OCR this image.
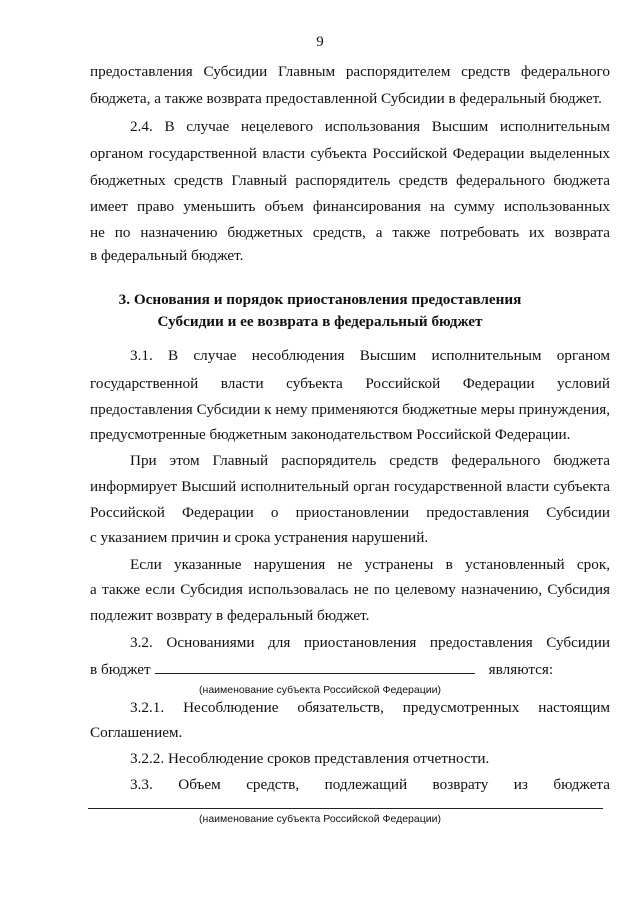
9
предоставления Субсидии Главным распорядителем средств федерального
бюджета, а также возврата предоставленной Субсидии в федеральный бюджет.
2.4. В случае нецелевого использования Высшим исполнительным
органом государственной власти субъекта Российской Федерации выделенных
бюджетных средств Главный распорядитель средств федерального бюджета
имеет право уменьшить объем финансирования на сумму использованных
не по назначению бюджетных средств, а также потребовать их возврата
в федеральный бюджет.
3. Основания и порядок приостановления предоставления
Субсидии и ее возврата в федеральный бюджет
3.1. В случае несоблюдения Высшим исполнительным органом
государственной власти субъекта Российской Федерации условий
предоставления Субсидии к нему применяются бюджетные меры принуждения,
предусмотренные бюджетным законодательством Российской Федерации.
При этом Главный распорядитель средств федерального бюджета
информирует Высший исполнительный орган государственной власти субъекта
Российской Федерации о приостановлении предоставления Субсидии
с указанием причин и срока устранения нарушений.
Если указанные нарушения не устранены в установленный срок,
а также если Субсидия использовалась не по целевому назначению, Субсидия
подлежит возврату в федеральный бюджет.
3.2. Основаниями для приостановления предоставления Субсидии
в бюджет	являются:
(наименование субъекта Российской Федерации)
3.2.1. Несоблюдение обязательств, предусмотренных настоящим
Соглашением.
3.2.2. Несоблюдение сроков представления отчетности.
3.3. Объем средств, подлежащий возврату из бюджета
(наименование субъекта Российской Федерации)
